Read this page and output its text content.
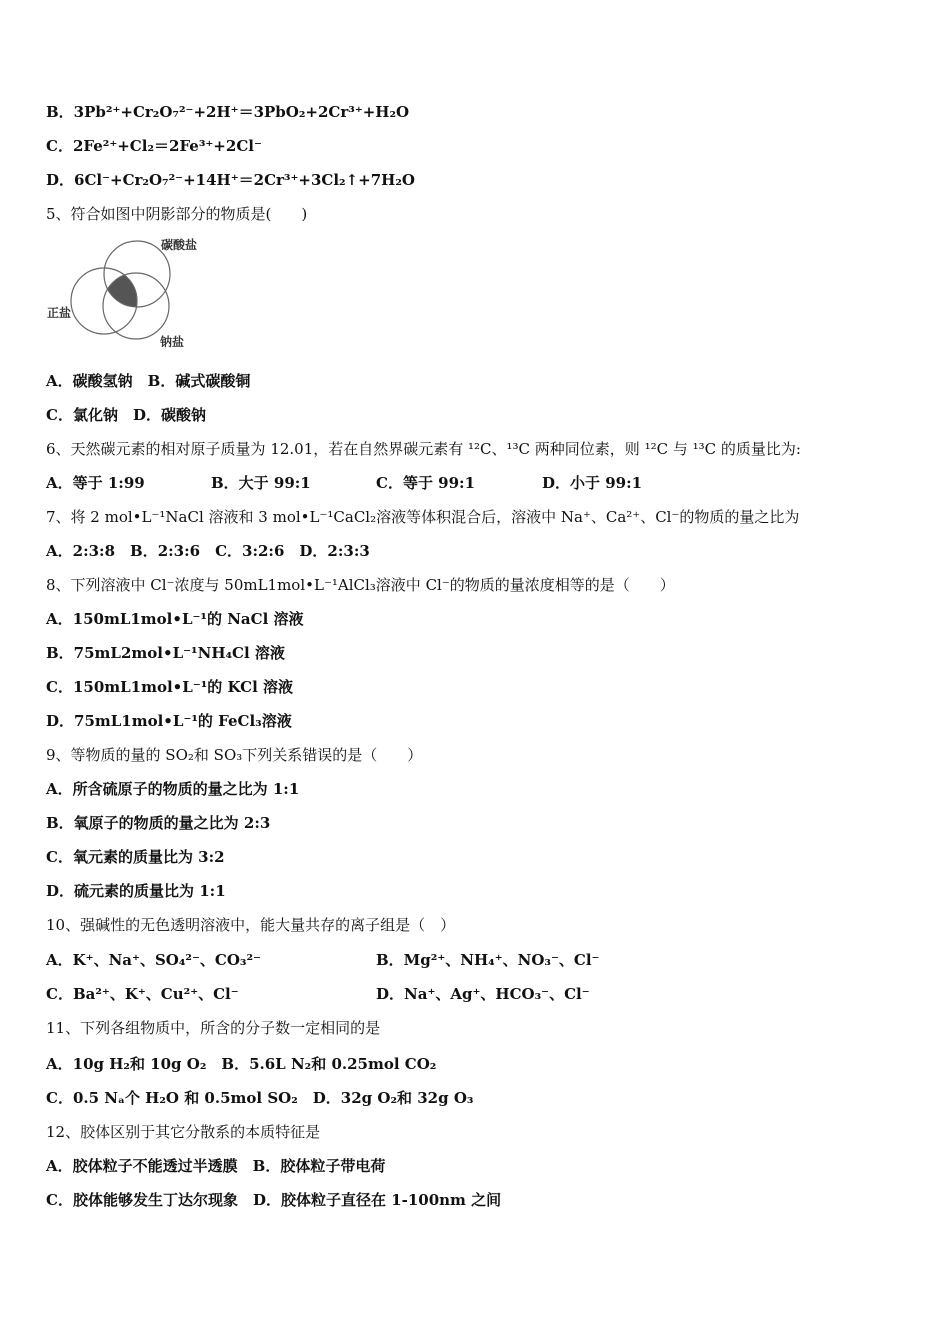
B．3Pb²⁺+Cr₂O₇²⁻+2H⁺＝3PbO₂+2Cr³⁺+H₂O
C．2Fe²⁺+Cl₂＝2Fe³⁺+2Cl⁻
D．6Cl⁻+Cr₂O₇²⁻+14H⁺＝2Cr³⁺+3Cl₂↑+7H₂O
5、符合如图中阴影部分的物质是(　　)
碳酸盐
正盐
钠盐
A．碳酸氢钠　B．碱式碳酸铜
C．氯化钠　D．碳酸钠
6、天然碳元素的相对原子质量为 12.01，若在自然界碳元素有 ¹²C、¹³C 两种同位素，则 ¹²C 与 ¹³C 的质量比为:
A．等于 1:99	B．大于 99:1	C．等于 99:1	D．小于 99:1
7、将 2 mol•L⁻¹NaCl 溶液和 3 mol•L⁻¹CaCl₂溶液等体积混合后，溶液中 Na⁺、Ca²⁺、Cl⁻的物质的量之比为
A．2:3:8　B．2:3:6　C．3:2:6　D．2:3:3
8、下列溶液中 Cl⁻浓度与 50mL1mol•L⁻¹AlCl₃溶液中 Cl⁻的物质的量浓度相等的是（　　）
A．150mL1mol•L⁻¹的 NaCl 溶液
B．75mL2mol•L⁻¹NH₄Cl 溶液
C．150mL1mol•L⁻¹的 KCl 溶液
D．75mL1mol•L⁻¹的 FeCl₃溶液
9、等物质的量的 SO₂和 SO₃下列关系错误的是（　　）
A．所含硫原子的物质的量之比为 1:1
B．氧原子的物质的量之比为 2:3
C．氧元素的质量比为 3:2
D．硫元素的质量比为 1:1
10、强碱性的无色透明溶液中，能大量共存的离子组是（　）
A．K⁺、Na⁺、SO₄²⁻、CO₃²⁻	B．Mg²⁺、NH₄⁺、NO₃⁻、Cl⁻
C．Ba²⁺、K⁺、Cu²⁺、Cl⁻	D．Na⁺、Ag⁺、HCO₃⁻、Cl⁻
11、下列各组物质中，所含的分子数一定相同的是
A．10g H₂和 10g O₂　B．5.6L N₂和 0.25mol CO₂
C．0.5 Nₐ个 H₂O 和 0.5mol SO₂　D．32g O₂和 32g O₃
12、胶体区别于其它分散系的本质特征是
A．胶体粒子不能透过半透膜　B．胶体粒子带电荷
C．胶体能够发生丁达尔现象　D．胶体粒子直径在 1-100nm 之间
